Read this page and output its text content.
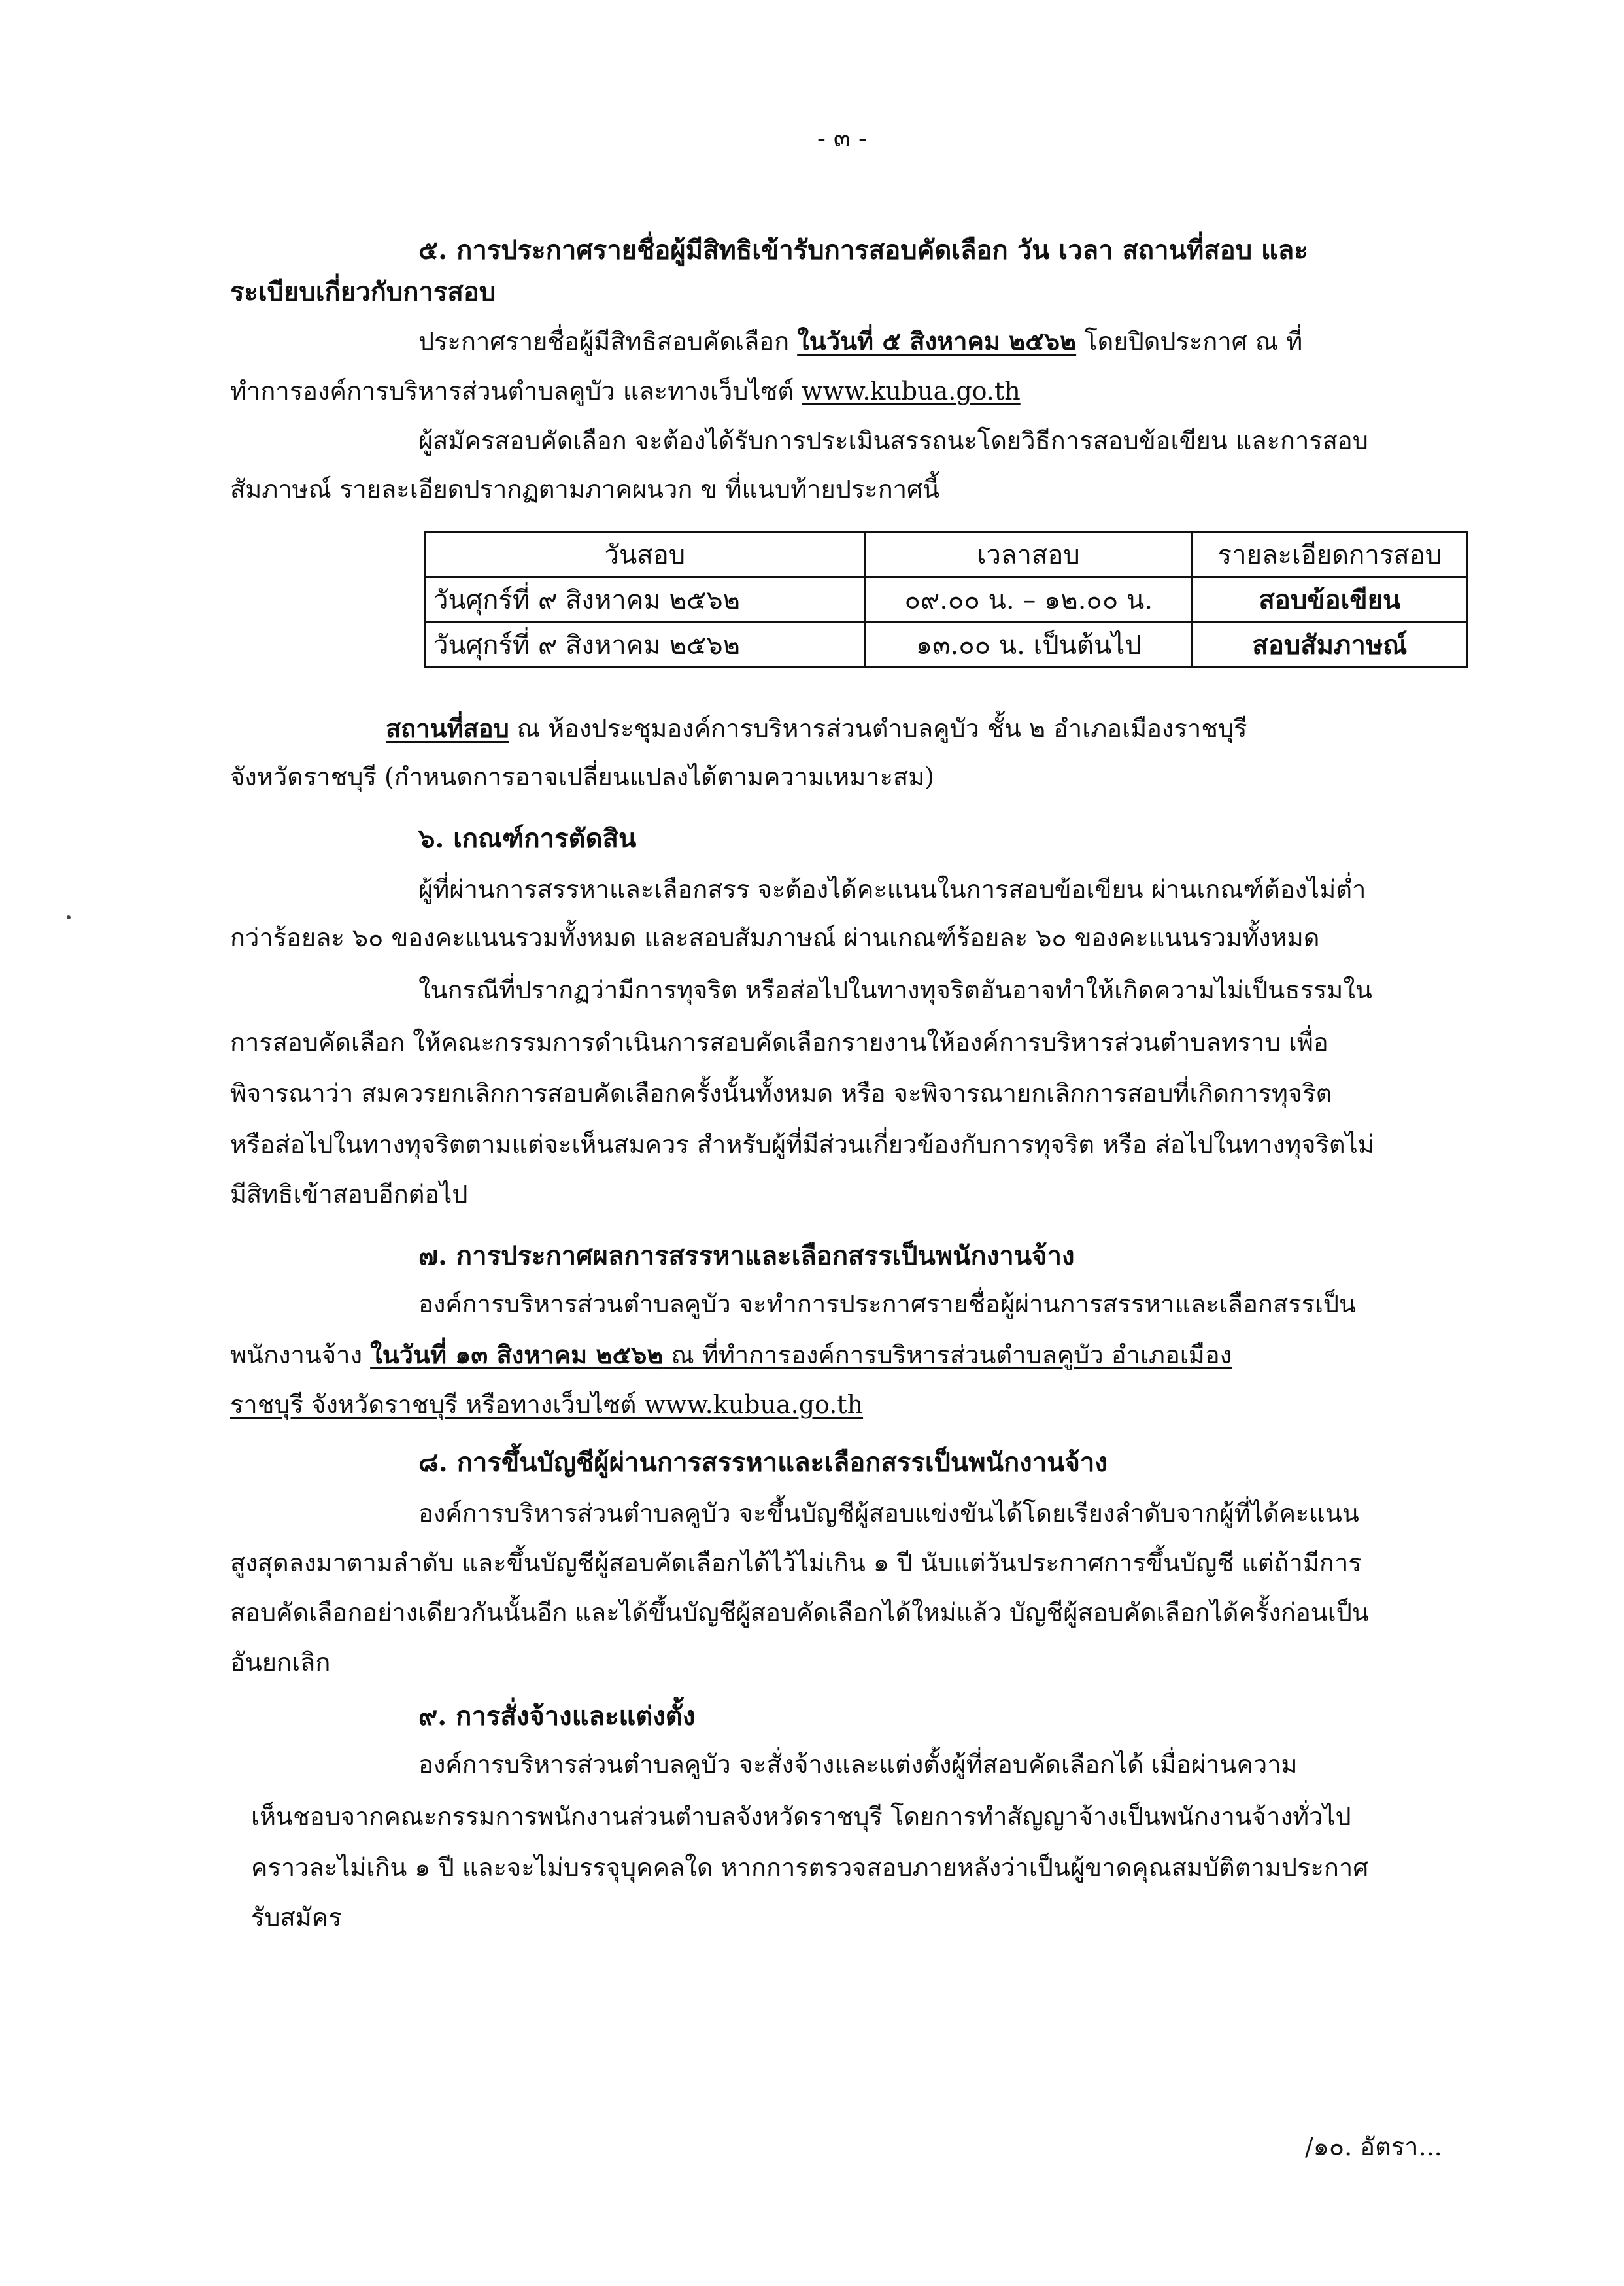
- ๓ -
๕. การประกาศรายชื่อผู้มีสิทธิเข้ารับการสอบคัดเลือก วัน เวลา สถานที่สอบ และ
ระเบียบเกี่ยวกับการสอบ
ประกาศรายชื่อผู้มีสิทธิสอบคัดเลือก ในวันที่ ๕ สิงหาคม ๒๕๖๒ โดยปิดประกาศ ณ ที่
ทำการองค์การบริหารส่วนตำบลคูบัว และทางเว็บไซต์ www.kubua.go.th
ผู้สมัครสอบคัดเลือก จะต้องได้รับการประเมินสรรถนะโดยวิธีการสอบข้อเขียน และการสอบ
สัมภาษณ์ รายละเอียดปรากฏตามภาคผนวก ข ที่แนบท้ายประกาศนี้
วันสอบ	เวลาสอบ	รายละเอียดการสอบ
วันศุกร์ที่ ๙ สิงหาคม ๒๕๖๒	๐๙.๐๐ น. – ๑๒.๐๐ น.	สอบข้อเขียน
วันศุกร์ที่ ๙ สิงหาคม ๒๕๖๒	๑๓.๐๐ น. เป็นต้นไป	สอบสัมภาษณ์
สถานที่สอบ ณ ห้องประชุมองค์การบริหารส่วนตำบลคูบัว ชั้น ๒ อำเภอเมืองราชบุรี
จังหวัดราชบุรี (กำหนดการอาจเปลี่ยนแปลงได้ตามความเหมาะสม)
๖. เกณฑ์การตัดสิน
ผู้ที่ผ่านการสรรหาและเลือกสรร จะต้องได้คะแนนในการสอบข้อเขียน ผ่านเกณฑ์ต้องไม่ต่ำ
กว่าร้อยละ ๖๐ ของคะแนนรวมทั้งหมด และสอบสัมภาษณ์ ผ่านเกณฑ์ร้อยละ ๖๐ ของคะแนนรวมทั้งหมด
ในกรณีที่ปรากฏว่ามีการทุจริต หรือส่อไปในทางทุจริตอันอาจทำให้เกิดความไม่เป็นธรรมใน
การสอบคัดเลือก ให้คณะกรรมการดำเนินการสอบคัดเลือกรายงานให้องค์การบริหารส่วนตำบลทราบ เพื่อ
พิจารณาว่า สมควรยกเลิกการสอบคัดเลือกครั้งนั้นทั้งหมด หรือ จะพิจารณายกเลิกการสอบที่เกิดการทุจริต
หรือส่อไปในทางทุจริตตามแต่จะเห็นสมควร สำหรับผู้ที่มีส่วนเกี่ยวข้องกับการทุจริต หรือ ส่อไปในทางทุจริตไม่
มีสิทธิเข้าสอบอีกต่อไป
๗. การประกาศผลการสรรหาและเลือกสรรเป็นพนักงานจ้าง
องค์การบริหารส่วนตำบลคูบัว จะทำการประกาศรายชื่อผู้ผ่านการสรรหาและเลือกสรรเป็น
พนักงานจ้าง ในวันที่ ๑๓ สิงหาคม ๒๕๖๒ ณ ที่ทำการองค์การบริหารส่วนตำบลคูบัว อำเภอเมือง
ราชบุรี จังหวัดราชบุรี หรือทางเว็บไซต์ www.kubua.go.th
๘. การขึ้นบัญชีผู้ผ่านการสรรหาและเลือกสรรเป็นพนักงานจ้าง
องค์การบริหารส่วนตำบลคูบัว จะขึ้นบัญชีผู้สอบแข่งขันได้โดยเรียงลำดับจากผู้ที่ได้คะแนน
สูงสุดลงมาตามลำดับ และขึ้นบัญชีผู้สอบคัดเลือกได้ไว้ไม่เกิน ๑ ปี นับแต่วันประกาศการขึ้นบัญชี แต่ถ้ามีการ
สอบคัดเลือกอย่างเดียวกันนั้นอีก และได้ขึ้นบัญชีผู้สอบคัดเลือกได้ใหม่แล้ว บัญชีผู้สอบคัดเลือกได้ครั้งก่อนเป็น
อันยกเลิก
๙. การสั่งจ้างและแต่งตั้ง
องค์การบริหารส่วนตำบลคูบัว จะสั่งจ้างและแต่งตั้งผู้ที่สอบคัดเลือกได้ เมื่อผ่านความ
เห็นชอบจากคณะกรรมการพนักงานส่วนตำบลจังหวัดราชบุรี โดยการทำสัญญาจ้างเป็นพนักงานจ้างทั่วไป
คราวละไม่เกิน ๑ ปี และจะไม่บรรจุบุคคลใด หากการตรวจสอบภายหลังว่าเป็นผู้ขาดคุณสมบัติตามประกาศ
รับสมัคร
/๑๐. อัตรา...
